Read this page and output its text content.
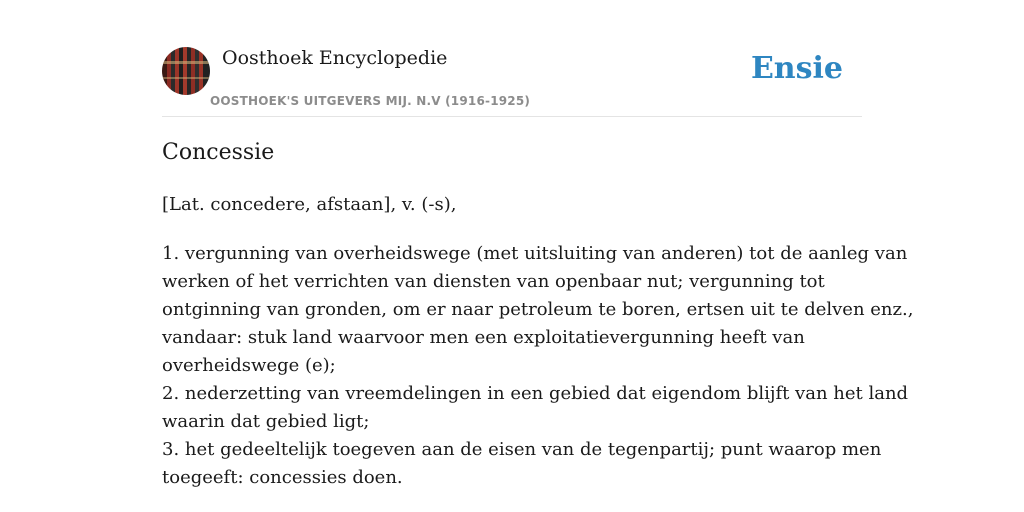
Oosthoek Encyclopedie
OOSTHOEK'S UITGEVERS MIJ. N.V (1916-1925)
Ensie
Concessie

[Lat. concedere, afstaan], v. (-s),

1. vergunning van overheidswege (met uitsluiting van anderen) tot de aanleg van
werken of het verrichten van diensten van openbaar nut; vergunning tot
ontginning van gronden, om er naar petroleum te boren, ertsen uit te delven enz.,
vandaar: stuk land waarvoor men een exploitatievergunning heeft van
overheidswege (e);
2. nederzetting van vreemdelingen in een gebied dat eigendom blijft van het land
waarin dat gebied ligt;
3. het gedeeltelijk toegeven aan de eisen van de tegenpartij; punt waarop men
toegeeft: concessies doen.
